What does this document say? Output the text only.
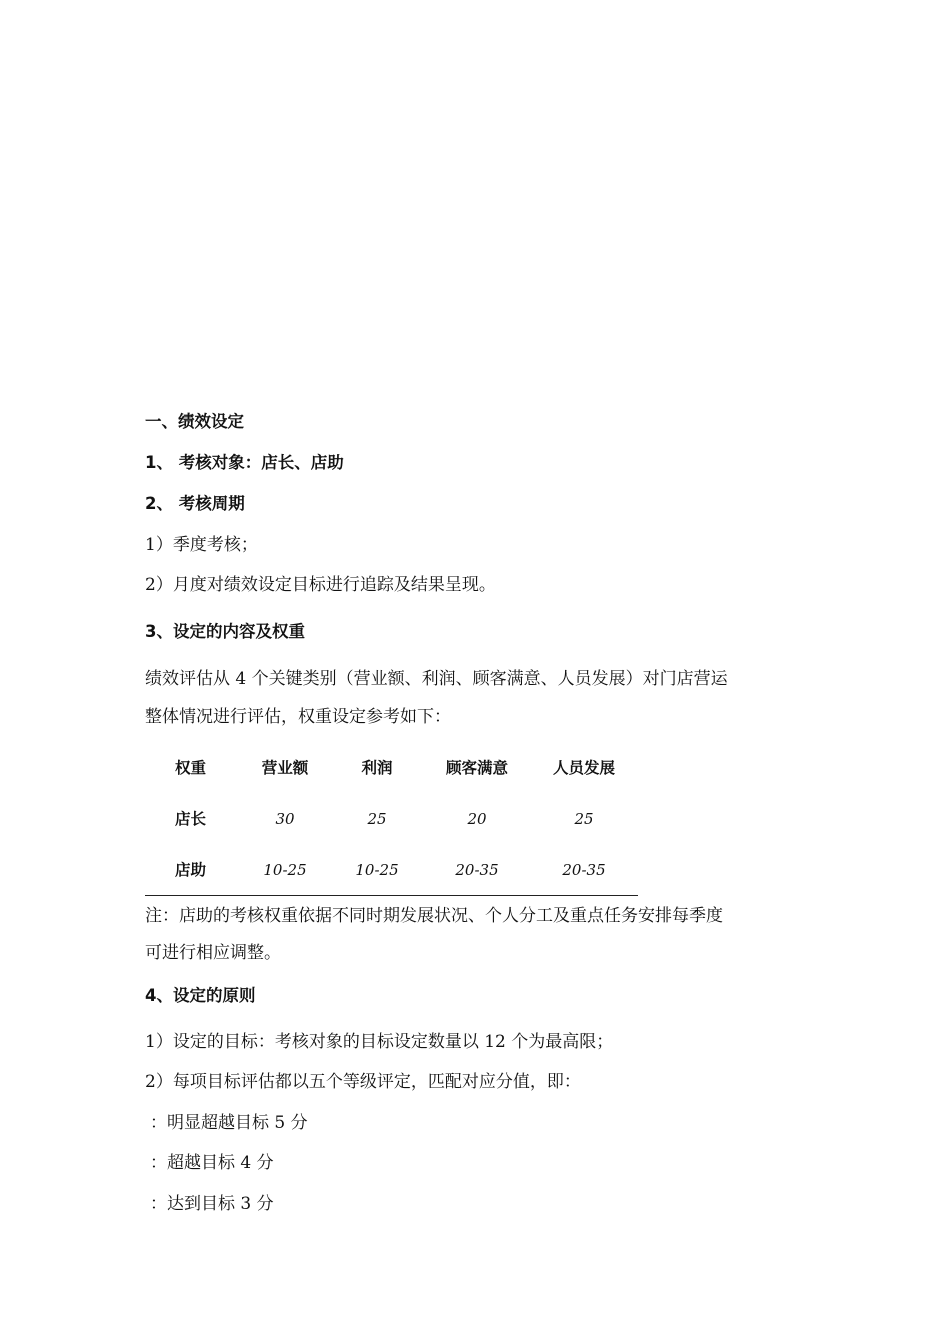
一、绩效设定
1、 考核对象：店长、店助
2、 考核周期
1）季度考核；
2）月度对绩效设定目标进行追踪及结果呈现。
3、设定的内容及权重
绩效评估从 4 个关键类别（营业额、利润、顾客满意、人员发展）对门店营运
整体情况进行评估，权重设定参考如下：
权重	营业额	利润	顾客满意	人员发展
店长	30	25	20	25
店助	10-25	10-25	20-35	20-35
注：店助的考核权重依据不同时期发展状况、个人分工及重点任务安排每季度
可进行相应调整。
4、设定的原则
1）设定的目标：考核对象的目标设定数量以 12 个为最高限；
2）每项目标评估都以五个等级评定，匹配对应分值，即：
：明显超越目标 5 分
：超越目标 4 分
：达到目标 3 分
